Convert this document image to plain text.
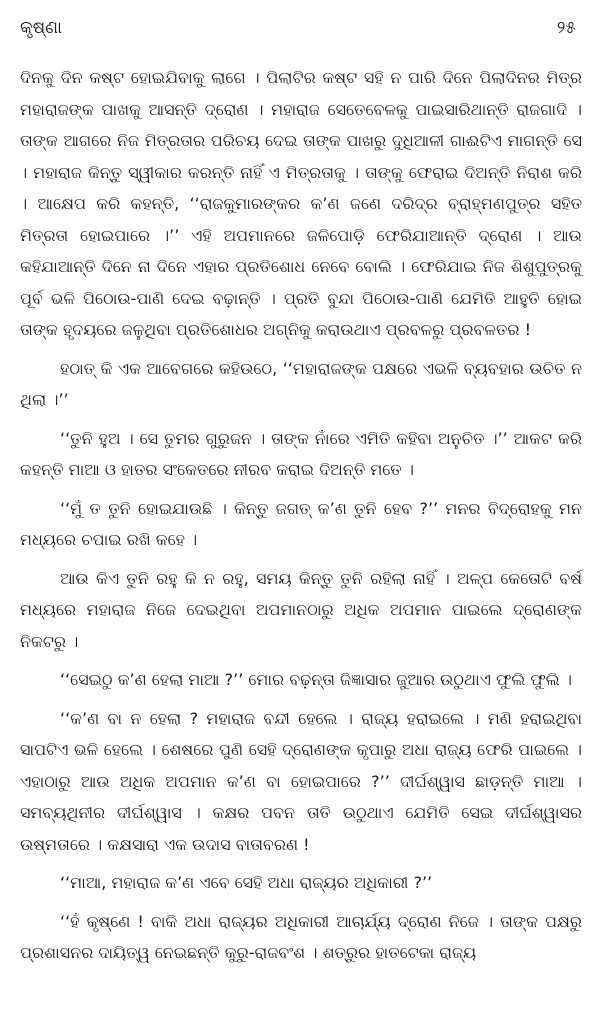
କୃଷ୍ଣା	୨୫

ଦିନକୁ ଦିନ କଷ୍ଟ ହୋଇଯିବାକୁ ଲାଗେ । ପିଲାଟିର କଷ୍ଟ ସହି ନ ପାରି ଦିନେ ପିଲାଦିନର ମିତ୍ର ମହାରାଜଙ୍କ ପାଖକୁ ଆସନ୍ତି ଦ୍ରୋଣ । ମହାରାଜ ସେତେବେଳକୁ ପାଇସାରିଥାନ୍ତି ରାଜଗାଦି । ତାଙ୍କ ଆଗରେ ନିଜ ମିତ୍ରତାର ପରିଚୟ ଦେଇ ତାଙ୍କ ପାଖରୁ ଦୁଧିଆଳୀ ଗାଈଟିଏ ମାଗନ୍ତି ସେ । ମହାରାଜ କିନ୍ତୁ ସ୍ୱୀକାର କରନ୍ତି ନାହିଁ ଏ ମିତ୍ରତାକୁ । ତାଙ୍କୁ ଫେରାଇ ଦିଅନ୍ତି ନିରାଶ କରି । ଆକ୍ଷେପ କରି କହନ୍ତି, ‘‘ରାଜକୁମାରଙ୍କର କ’ଣ ଜଣେ ଦରିଦ୍ର ବ୍ରାହ୍ମଣପୁତ୍ର ସହିତ ମିତ୍ରତା ହୋଇପାରେ ।’’ ଏହି ଅପମାନରେ ଜଳିପୋଡ଼ି ଫେରିଯାଆନ୍ତି ଦ୍ରୋଣ । ଆଉ କହିଯାଆନ୍ତି ଦିନେ ନା ଦିନେ ଏହାର ପ୍ରତିଶୋଧ ନେବେ ବୋଲି । ଫେରିଯାଇ ନିଜ ଶିଶୁପୁତ୍ରକୁ ପୂର୍ବ ଭଳି ପିଠୋଉ-ପାଣି ଦେଇ ବଢ଼ାନ୍ତି । ପ୍ରତି ବୁନ୍ଦା ପିଠୋଉ-ପାଣି ଯେମିତି ଆହୁତି ହୋଇ ତାଙ୍କ ହୃଦୟରେ ଜଳୁଥିବା ପ୍ରତିଶୋଧର ଅଗ୍ନିକୁ କରାଉଥାଏ ପ୍ରବଳରୁ ପ୍ରବଳତର !

ହଠାତ୍ କି ଏକ ଆବେଗରେ କହିଉଠେ, ‘‘ମହାରାଜଙ୍କ ପକ୍ଷରେ ଏଭଳି ବ୍ୟବହାର ଉଚିତ ନ ଥିଲା ।’’

‘‘ତୁନି ହୁଅ । ସେ ତୁମର ଗୁରୁଜନ । ତାଙ୍କ ନାଁରେ ଏମିତି କହିବା ଅନୁଚିତ ।’’ ଆକଟ କରି କହନ୍ତି ମାଆ ଓ ହାତର ସଂକେତରେ ନୀରବ କରାଇ ଦିଅନ୍ତି ମତେ ।

‘‘ମୁଁ ତ ତୁନି ହୋଇଯାଉଛି । କିନ୍ତୁ ଜଗତ୍ କ’ଣ ତୁନି ହେବ ?’’ ମନର ବିଦ୍ରୋହକୁ ମନ ମଧ୍ୟରେ ଚପାଇ ରଖି କହେ ।

ଆଉ କିଏ ତୁନି ରହୁ କି ନ ରହୁ, ସମୟ କିନ୍ତୁ ତୁନି ରହିଲା ନାହିଁ । ଅଳ୍ପ କେତୋଟି ବର୍ଷ ମଧ୍ୟରେ ମହାରାଜ ନିଜେ ଦେଇଥିବା ଅପମାନଠାରୁ ଅଧିକ ଅପମାନ ପାଇଲେ ଦ୍ରୋଣଙ୍କ ନିକଟରୁ ।

‘‘ସେଇଠୁ କ’ଣ ହେଲା ମାଆ ?’’ ମୋର ବଢ଼ନ୍ତା ଜିଜ୍ଞାସାର ଜୁଆର ଉଠୁଥାଏ ଫୁଲି ଫୁଲି ।

‘‘କ’ଣ ବା ନ ହେଲା ? ମହାରାଜ ବନ୍ଦୀ ହେଲେ । ରାଜ୍ୟ ହରାଇଲେ । ମଣି ହରାଇଥିବା ସାପଟିଏ ଭଳି ହେଲେ । ଶେଷରେ ପୁଣି ସେହି ଦ୍ରୋଣଙ୍କ କୃପାରୁ ଅଧା ରାଜ୍ୟ ଫେରି ପାଇଲେ । ଏହାଠାରୁ ଆଉ ଅଧିକ ଅପମାନ କ’ଣ ବା ହୋଇପାରେ ?’’ ଦୀର୍ଘଶ୍ୱାସ ଛାଡ଼ନ୍ତି ମାଆ । ସମବ୍ୟଥିନୀର ଦୀର୍ଘଶ୍ୱାସ । କକ୍ଷର ପବନ ତାତି ଉଠୁଥାଏ ଯେମିତି ସେଇ ଦୀର୍ଘଶ୍ୱାସର ଉଷ୍ମତାରେ । କକ୍ଷସାରା ଏକ ଉଦାସ ବାତାବରଣ !

‘‘ମାଆ, ମହାରାଜ କ’ଣ ଏବେ ସେହି ଅଧା ରାଜ୍ୟର ଅଧିକାରୀ ?’’

‘‘ହଁ କୃଷ୍ଣେ ! ବାକି ଅଧା ରାଜ୍ୟର ଅଧିକାରୀ ଆଚାର୍ଯ୍ୟ ଦ୍ରୋଣ ନିଜେ । ତାଙ୍କ ପକ୍ଷରୁ ପ୍ରଶାସନର ଦାୟିତ୍ୱ ନେଇଛନ୍ତି କୁରୁ-ରାଜବଂଶ । ଶତ୍ରୁର ହାତଟେକା ରାଜ୍ୟ
